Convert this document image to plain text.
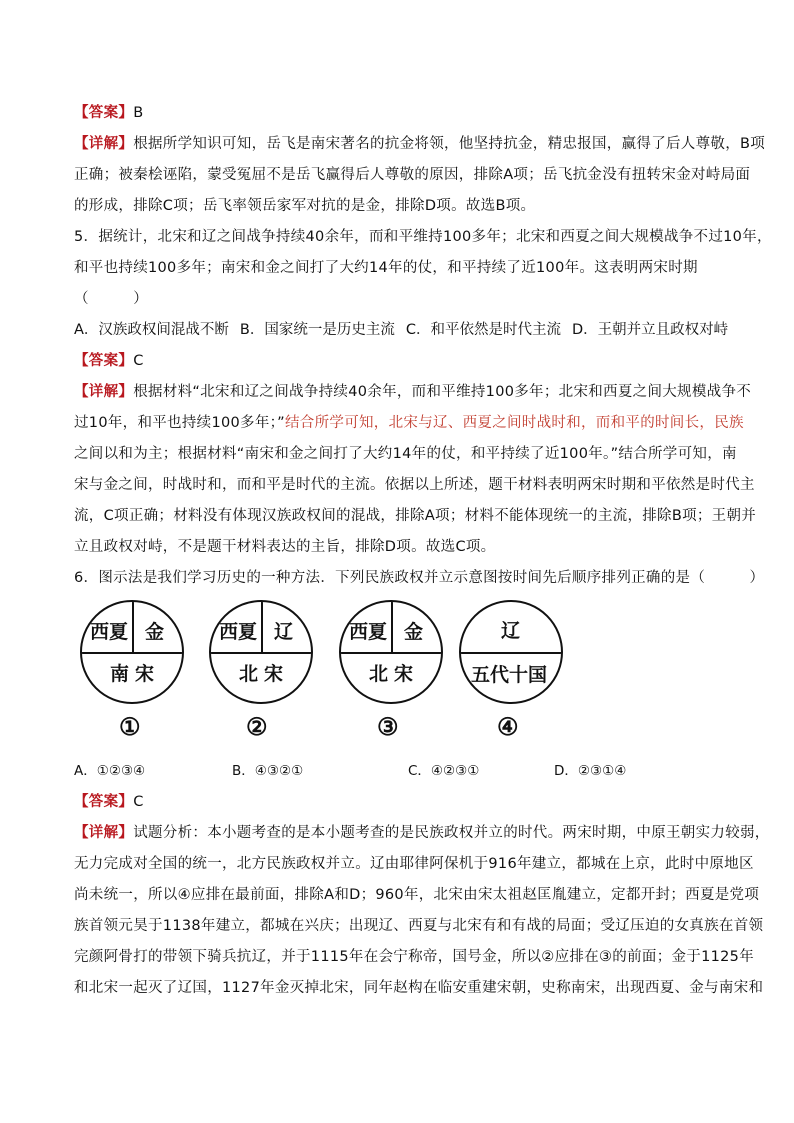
【答案】B
【详解】根据所学知识可知，岳飞是南宋著名的抗金将领，他坚持抗金，精忠报国，赢得了后人尊敬，B项
正确；被秦桧诬陷，蒙受冤屈不是岳飞赢得后人尊敬的原因，排除A项；岳飞抗金没有扭转宋金对峙局面
的形成，排除C项；岳飞率领岳家军对抗的是金，排除D项。故选B项。
5．据统计，北宋和辽之间战争持续40余年，而和平维持100多年；北宋和西夏之间大规模战争不过10年，
和平也持续100多年；南宋和金之间打了大约14年的仗，和平持续了近100年。这表明两宋时期
（　　　）
A．汉族政权间混战不断 B．国家统一是历史主流 C．和平依然是时代主流 D．王朝并立且政权对峙
【答案】C
【详解】根据材料“北宋和辽之间战争持续40余年，而和平维持100多年；北宋和西夏之间大规模战争不
过10年，和平也持续100多年；”结合所学可知，北宋与辽、西夏之间时战时和，而和平的时间长，民族
之间以和为主；根据材料“南宋和金之间打了大约14年的仗，和平持续了近100年。”结合所学可知，南
宋与金之间，时战时和，而和平是时代的主流。依据以上所述，题干材料表明两宋时期和平依然是时代主
流，C项正确；材料没有体现汉族政权间的混战，排除A项；材料不能体现统一的主流，排除B项；王朝并
立且政权对峙，不是题干材料表达的主旨，排除D项。故选C项。
6．图示法是我们学习历史的一种方法．下列民族政权并立示意图按时间先后顺序排列正确的是（　　　）
西夏 金
南宋
①
西夏 辽
北宋
②
西夏 金
北宋
③
辽
五代十国
④
A．①②③④	B．④③②①	C．④②③①	D．②③①④
【答案】C
【详解】试题分析：本小题考查的是本小题考查的是民族政权并立的时代。两宋时期，中原王朝实力较弱，
无力完成对全国的统一，北方民族政权并立。辽由耶律阿保机于916年建立，都城在上京，此时中原地区
尚未统一，所以④应排在最前面，排除A和D；960年，北宋由宋太祖赵匡胤建立，定都开封；西夏是党项
族首领元昊于1138年建立，都城在兴庆；出现辽、西夏与北宋有和有战的局面；受辽压迫的女真族在首领
完颜阿骨打的带领下骑兵抗辽，并于1115年在会宁称帝，国号金，所以②应排在③的前面；金于1125年
和北宋一起灭了辽国，1127年金灭掉北宋，同年赵构在临安重建宋朝，史称南宋，出现西夏、金与南宋和
